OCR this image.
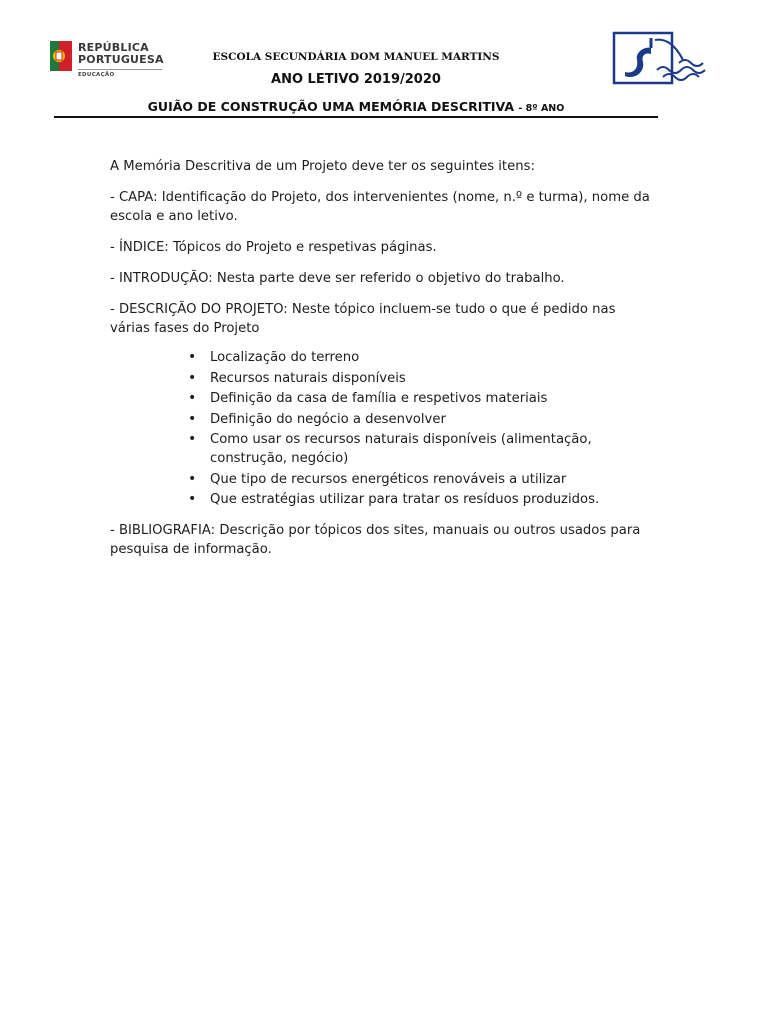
REPÚBLICA
PORTUGUESA
EDUCAÇÃO
ESCOLA SECUNDÁRIA DOM MANUEL MARTINS
ANO LETIVO 2019/2020
GUIÃO DE CONSTRUÇÃO UMA MEMÓRIA DESCRITIVA - 8º ANO

A Memória Descritiva de um Projeto deve ter os seguintes itens:

- CAPA: Identificação do Projeto, dos intervenientes (nome, n.º e turma), nome da escola e ano letivo.

- ÍNDICE: Tópicos do Projeto e respetivas páginas.

- INTRODUÇÃO: Nesta parte deve ser referido o objetivo do trabalho.

- DESCRIÇÃO DO PROJETO: Neste tópico incluem-se tudo o que é pedido nas várias fases do Projeto

• Localização do terreno
• Recursos naturais disponíveis
• Definição da casa de família e respetivos materiais
• Definição do negócio a desenvolver
• Como usar os recursos naturais disponíveis (alimentação, construção, negócio)
• Que tipo de recursos energéticos renováveis a utilizar
• Que estratégias utilizar para tratar os resíduos produzidos.

- BIBLIOGRAFIA: Descrição por tópicos dos sites, manuais ou outros usados para pesquisa de informação.
